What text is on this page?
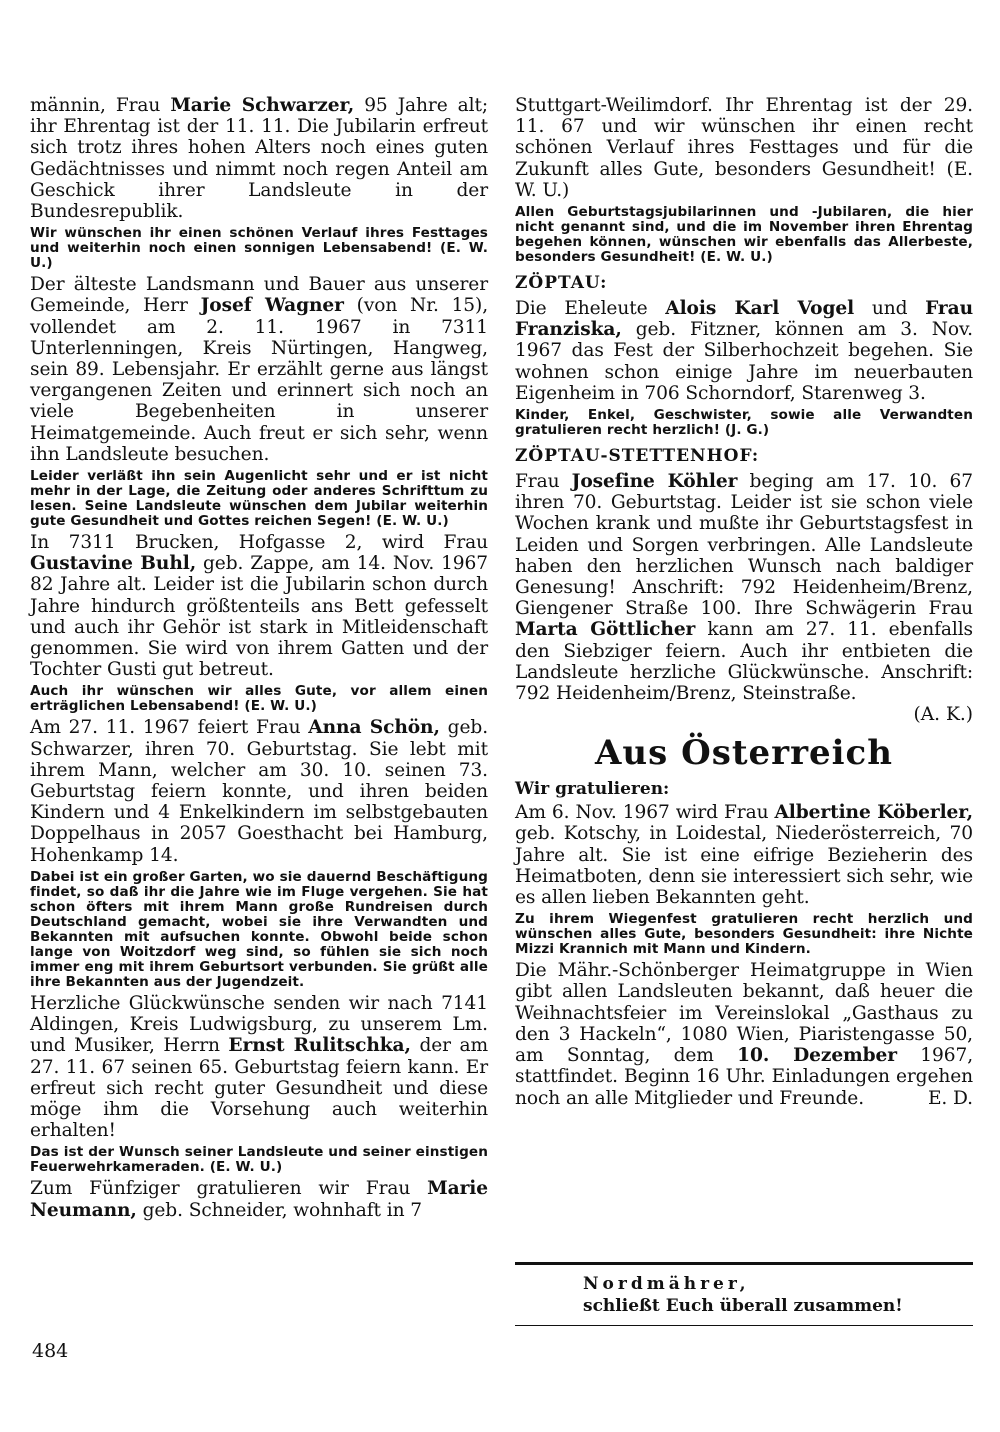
männin, Frau Marie Schwarzer, 95 Jahre alt; ihr Ehrentag ist der 11. 11. Die Jubilarin erfreut sich trotz ihres hohen Alters noch eines guten Gedächtnisses und nimmt noch regen Anteil am Geschick ihrer Landsleute in der Bundesrepublik.

Wir wünschen ihr einen schönen Verlauf ihres Festtages und weiterhin noch einen sonnigen Lebensabend! (E. W. U.)

Der älteste Landsmann und Bauer aus unserer Gemeinde, Herr Josef Wagner (von Nr. 15), vollendet am 2. 11. 1967 in 7311 Unterlenningen, Kreis Nürtingen, Hangweg, sein 89. Lebensjahr. Er erzählt gerne aus längst vergangenen Zeiten und erinnert sich noch an viele Begebenheiten in unserer Heimatgemeinde. Auch freut er sich sehr, wenn ihn Landsleute besuchen.

Leider verläßt ihn sein Augenlicht sehr und er ist nicht mehr in der Lage, die Zeitung oder anderes Schrifttum zu lesen. Seine Landsleute wünschen dem Jubilar weiterhin gute Gesundheit und Gottes reichen Segen! (E. W. U.)

In 7311 Brucken, Hofgasse 2, wird Frau Gustavine Buhl, geb. Zappe, am 14. Nov. 1967 82 Jahre alt. Leider ist die Jubilarin schon durch Jahre hindurch größtenteils ans Bett gefesselt und auch ihr Gehör ist stark in Mitleidenschaft genommen. Sie wird von ihrem Gatten und der Tochter Gusti gut betreut.

Auch ihr wünschen wir alles Gute, vor allem einen erträglichen Lebensabend! (E. W. U.)

Am 27. 11. 1967 feiert Frau Anna Schön, geb. Schwarzer, ihren 70. Geburtstag. Sie lebt mit ihrem Mann, welcher am 30. 10. seinen 73. Geburtstag feiern konnte, und ihren beiden Kindern und 4 Enkelkindern im selbstgebauten Doppelhaus in 2057 Goesthacht bei Hamburg, Hohenkamp 14.

Dabei ist ein großer Garten, wo sie dauernd Beschäftigung findet, so daß ihr die Jahre wie im Fluge vergehen. Sie hat schon öfters mit ihrem Mann große Rundreisen durch Deutschland gemacht, wobei sie ihre Verwandten und Bekannten mit aufsuchen konnte. Obwohl beide schon lange von Woitzdorf weg sind, so fühlen sie sich noch immer eng mit ihrem Geburtsort verbunden. Sie grüßt alle ihre Bekannten aus der Jugendzeit.

Herzliche Glückwünsche senden wir nach 7141 Aldingen, Kreis Ludwigsburg, zu unserem Lm. und Musiker, Herrn Ernst Rulitschka, der am 27. 11. 67 seinen 65. Geburtstag feiern kann. Er erfreut sich recht guter Gesundheit und diese möge ihm die Vorsehung auch weiterhin erhalten!

Das ist der Wunsch seiner Landsleute und seiner einstigen Feuerwehrkameraden. (E. W. U.)

Zum Fünfziger gratulieren wir Frau Marie Neumann, geb. Schneider, wohnhaft in 7

Stuttgart-Weilimdorf. Ihr Ehrentag ist der 29. 11. 67 und wir wünschen ihr einen recht schönen Verlauf ihres Festtages und für die Zukunft alles Gute, besonders Gesundheit! (E. W. U.)

Allen Geburtstagsjubilarinnen und -Jubilaren, die hier nicht genannt sind, und die im November ihren Ehrentag begehen können, wünschen wir ebenfalls das Allerbeste, besonders Gesundheit! (E. W. U.)

ZÖPTAU:

Die Eheleute Alois Karl Vogel und Frau Franziska, geb. Fitzner, können am 3. Nov. 1967 das Fest der Silberhochzeit begehen. Sie wohnen schon einige Jahre im neuerbauten Eigenheim in 706 Schorndorf, Starenweg 3.

Kinder, Enkel, Geschwister, sowie alle Verwandten gratulieren recht herzlich! (J. G.)

ZÖPTAU-STETTENHOF:

Frau Josefine Köhler beging am 17. 10. 67 ihren 70. Geburtstag. Leider ist sie schon viele Wochen krank und mußte ihr Geburtstagsfest in Leiden und Sorgen verbringen. Alle Landsleute haben den herzlichen Wunsch nach baldiger Genesung! Anschrift: 792 Heidenheim/Brenz, Giengener Straße 100. Ihre Schwägerin Frau Marta Göttlicher kann am 27. 11. ebenfalls den Siebziger feiern. Auch ihr entbieten die Landsleute herzliche Glückwünsche. Anschrift: 792 Heidenheim/Brenz, Steinstraße.

(A. K.)

Aus Österreich

Wir gratulieren:

Am 6. Nov. 1967 wird Frau Albertine Köberler, geb. Kotschy, in Loidestal, Niederösterreich, 70 Jahre alt. Sie ist eine eifrige Bezieherin des Heimatboten, denn sie interessiert sich sehr, wie es allen lieben Bekannten geht.

Zu ihrem Wiegenfest gratulieren recht herzlich und wünschen alles Gute, besonders Gesundheit: ihre Nichte Mizzi Krannich mit Mann und Kindern.

Die Mähr.-Schönberger Heimatgruppe in Wien gibt allen Landsleuten bekannt, daß heuer die Weihnachtsfeier im Vereinslokal „Gasthaus zu den 3 Hackeln“, 1080 Wien, Piaristengasse 50, am Sonntag, dem 10. Dezember 1967, stattfindet. Beginn 16 Uhr. Einladungen ergehen noch an alle Mitglieder und Freunde.	E. D.

Nordmährer,
schließt Euch überall zusammen!
484
